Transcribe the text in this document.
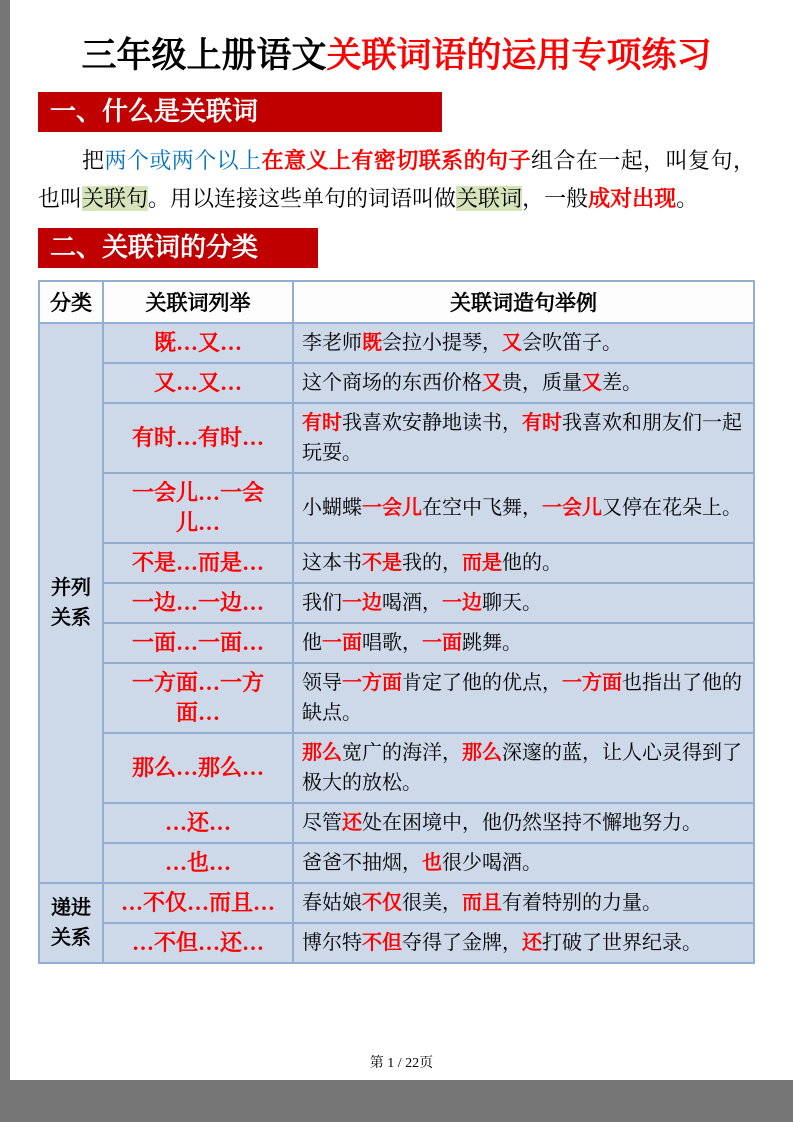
三年级上册语文关联词语的运用专项练习
一、什么是关联词

把两个或两个以上在意义上有密切联系的句子组合在一起，叫复句，也叫关联句。用以连接这些单句的词语叫做关联词，一般成对出现。

二、关联词的分类
分类	关联词列举	关联词造句举例
并列关系	既…又…	李老师既会拉小提琴，又会吹笛子。
	又…又…	这个商场的东西价格又贵，质量又差。
	有时…有时…	有时我喜欢安静地读书，有时我喜欢和朋友们一起玩耍。
	一会儿…一会儿…	小蝴蝶一会儿在空中飞舞，一会儿又停在花朵上。
	不是…而是…	这本书不是我的，而是他的。
	一边…一边…	我们一边喝酒，一边聊天。
	一面…一面…	他一面唱歌，一面跳舞。
	一方面…一方面…	领导一方面肯定了他的优点，一方面也指出了他的缺点。
	那么…那么…	那么宽广的海洋，那么深邃的蓝，让人心灵得到了极大的放松。
	…还…	尽管还处在困境中，他仍然坚持不懈地努力。
	…也…	爸爸不抽烟，也很少喝酒。
递进关系	…不仅…而且…	春姑娘不仅很美，而且有着特别的力量。
	…不但…还…	博尔特不但夺得了金牌，还打破了世界纪录。
第 1 / 22页
